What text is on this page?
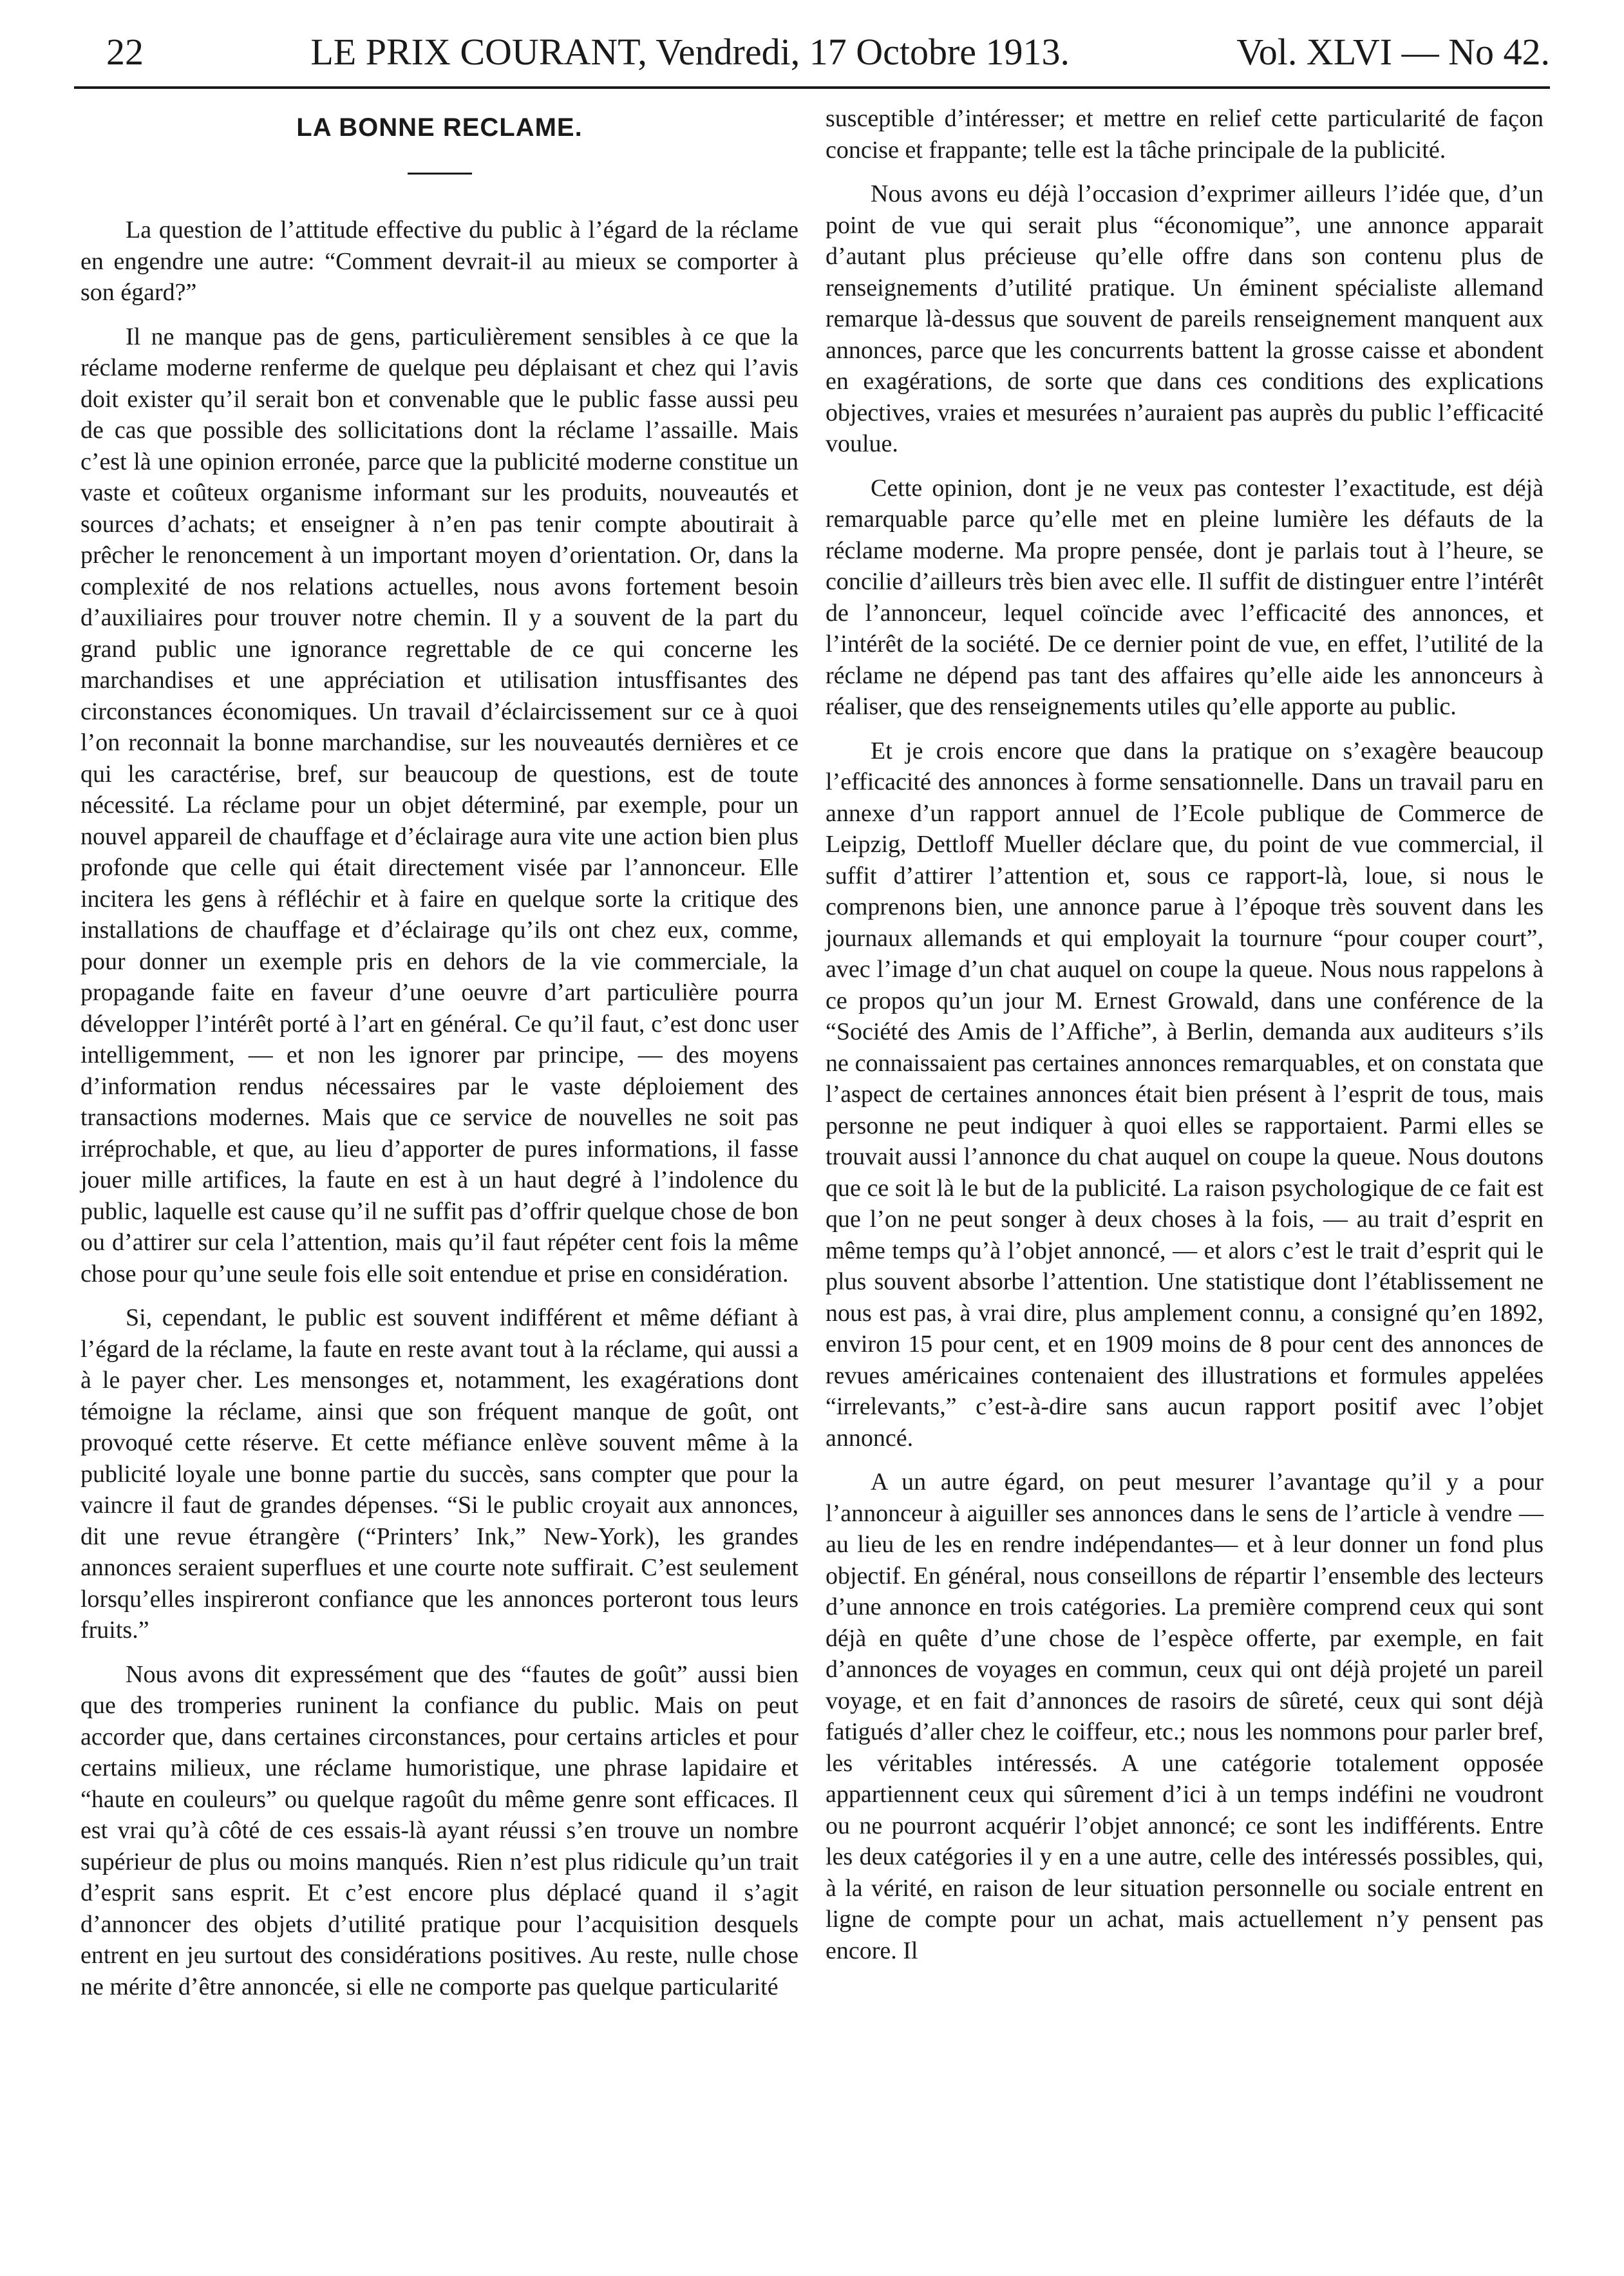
22	LE PRIX COURANT, Vendredi, 17 Octobre 1913.	Vol. XLVI — No 42.
LA BONNE RECLAME.

La question de l’attitude effective du public à l’égard de la réclame en engendre une autre: “Comment devrait-il au mieux se comporter à son égard?”

Il ne manque pas de gens, particulièrement sensibles à ce que la réclame moderne renferme de quelque peu déplaisant et chez qui l’avis doit exister qu’il serait bon et convenable que le public fasse aussi peu de cas que possible des sollicitations dont la réclame l’assaille. Mais c’est là une opinion erronée, parce que la publicité moderne constitue un vaste et coûteux organisme informant sur les produits, nouveautés et sources d’achats; et enseigner à n’en pas tenir compte aboutirait à prêcher le renoncement à un important moyen d’orientation. Or, dans la complexité de nos relations actuelles, nous avons fortement besoin d’auxiliaires pour trouver notre chemin. Il y a souvent de la part du grand public une ignorance regrettable de ce qui concerne les marchandises et une appréciation et utilisation intusffisantes des circonstances économiques. Un travail d’éclaircissement sur ce à quoi l’on reconnait la bonne marchandise, sur les nouveautés dernières et ce qui les caractérise, bref, sur beaucoup de questions, est de toute nécessité. La réclame pour un objet déterminé, par exemple, pour un nouvel appareil de chauffage et d’éclairage aura vite une action bien plus profonde que celle qui était directement visée par l’annonceur. Elle incitera les gens à réfléchir et à faire en quelque sorte la critique des installations de chauffage et d’éclairage qu’ils ont chez eux, comme, pour donner un exemple pris en dehors de la vie commerciale, la propagande faite en faveur d’une oeuvre d’art particulière pourra développer l’intérêt porté à l’art en général. Ce qu’il faut, c’est donc user intelligemment, — et non les ignorer par principe, — des moyens d’information rendus nécessaires par le vaste déploiement des transactions modernes. Mais que ce service de nouvelles ne soit pas irréprochable, et que, au lieu d’apporter de pures informations, il fasse jouer mille artifices, la faute en est à un haut degré à l’indolence du public, laquelle est cause qu’il ne suffit pas d’offrir quelque chose de bon ou d’attirer sur cela l’attention, mais qu’il faut répéter cent fois la même chose pour qu’une seule fois elle soit entendue et prise en considération.

Si, cependant, le public est souvent indifférent et même défiant à l’égard de la réclame, la faute en reste avant tout à la réclame, qui aussi a à le payer cher. Les mensonges et, notamment, les exagérations dont témoigne la réclame, ainsi que son fréquent manque de goût, ont provoqué cette réserve. Et cette méfiance enlève souvent même à la publicité loyale une bonne partie du succès, sans compter que pour la vaincre il faut de grandes dépenses. “Si le public croyait aux annonces, dit une revue étrangère (“Printers’ Ink,” New-York), les grandes annonces seraient superflues et une courte note suffirait. C’est seulement lorsqu’elles inspireront confiance que les annonces porteront tous leurs fruits.”

Nous avons dit expressément que des “fautes de goût” aussi bien que des tromperies runinent la confiance du public. Mais on peut accorder que, dans certaines circonstances, pour certains articles et pour certains milieux, une réclame humoristique, une phrase lapidaire et “haute en couleurs” ou quelque ragoût du même genre sont efficaces. Il est vrai qu’à côté de ces essais-là ayant réussi s’en trouve un nombre supérieur de plus ou moins manqués. Rien n’est plus ridicule qu’un trait d’esprit sans esprit. Et c’est encore plus déplacé quand il s’agit d’annoncer des objets d’utilité pratique pour l’acquisition desquels entrent en jeu surtout des considérations positives. Au reste, nulle chose ne mérite d’être annoncée, si elle ne comporte pas quelque particularité

susceptible d’intéresser; et mettre en relief cette particularité de façon concise et frappante; telle est la tâche principale de la publicité.

Nous avons eu déjà l’occasion d’exprimer ailleurs l’idée que, d’un point de vue qui serait plus “économique”, une annonce apparait d’autant plus précieuse qu’elle offre dans son contenu plus de renseignements d’utilité pratique. Un éminent spécialiste allemand remarque là-dessus que souvent de pareils renseignement manquent aux annonces, parce que les concurrents battent la grosse caisse et abondent en exagérations, de sorte que dans ces conditions des explications objectives, vraies et mesurées n’auraient pas auprès du public l’efficacité voulue.

Cette opinion, dont je ne veux pas contester l’exactitude, est déjà remarquable parce qu’elle met en pleine lumière les défauts de la réclame moderne. Ma propre pensée, dont je parlais tout à l’heure, se concilie d’ailleurs très bien avec elle. Il suffit de distinguer entre l’intérêt de l’annonceur, lequel coïncide avec l’efficacité des annonces, et l’intérêt de la société. De ce dernier point de vue, en effet, l’utilité de la réclame ne dépend pas tant des affaires qu’elle aide les annonceurs à réaliser, que des renseignements utiles qu’elle apporte au public.

Et je crois encore que dans la pratique on s’exagère beaucoup l’efficacité des annonces à forme sensationnelle. Dans un travail paru en annexe d’un rapport annuel de l’Ecole publique de Commerce de Leipzig, Dettloff Mueller déclare que, du point de vue commercial, il suffit d’attirer l’attention et, sous ce rapport-là, loue, si nous le comprenons bien, une annonce parue à l’époque très souvent dans les journaux allemands et qui employait la tournure “pour couper court”, avec l’image d’un chat auquel on coupe la queue. Nous nous rappelons à ce propos qu’un jour M. Ernest Growald, dans une conférence de la “Société des Amis de l’Affiche”, à Berlin, demanda aux auditeurs s’ils ne connaissaient pas certaines annonces remarquables, et on constata que l’aspect de certaines annonces était bien présent à l’esprit de tous, mais personne ne peut indiquer à quoi elles se rapportaient. Parmi elles se trouvait aussi l’annonce du chat auquel on coupe la queue. Nous doutons que ce soit là le but de la publicité. La raison psychologique de ce fait est que l’on ne peut songer à deux choses à la fois, — au trait d’esprit en même temps qu’à l’objet annoncé, — et alors c’est le trait d’esprit qui le plus souvent absorbe l’attention. Une statistique dont l’établissement ne nous est pas, à vrai dire, plus amplement connu, a consigné qu’en 1892, environ 15 pour cent, et en 1909 moins de 8 pour cent des annonces de revues américaines contenaient des illustrations et formules appelées “irrelevants,” c’est-à-dire sans aucun rapport positif avec l’objet annoncé.

A un autre égard, on peut mesurer l’avantage qu’il y a pour l’annonceur à aiguiller ses annonces dans le sens de l’article à vendre — au lieu de les en rendre indépendantes— et à leur donner un fond plus objectif. En général, nous conseillons de répartir l’ensemble des lecteurs d’une annonce en trois catégories. La première comprend ceux qui sont déjà en quête d’une chose de l’espèce offerte, par exemple, en fait d’annonces de voyages en commun, ceux qui ont déjà projeté un pareil voyage, et en fait d’annonces de rasoirs de sûreté, ceux qui sont déjà fatigués d’aller chez le coiffeur, etc.; nous les nommons pour parler bref, les véritables intéressés. A une catégorie totalement opposée appartiennent ceux qui sûrement d’ici à un temps indéfini ne voudront ou ne pourront acquérir l’objet annoncé; ce sont les indifférents. Entre les deux catégories il y en a une autre, celle des intéressés possibles, qui, à la vérité, en raison de leur situation personnelle ou sociale entrent en ligne de compte pour un achat, mais actuellement n’y pensent pas encore. Il
